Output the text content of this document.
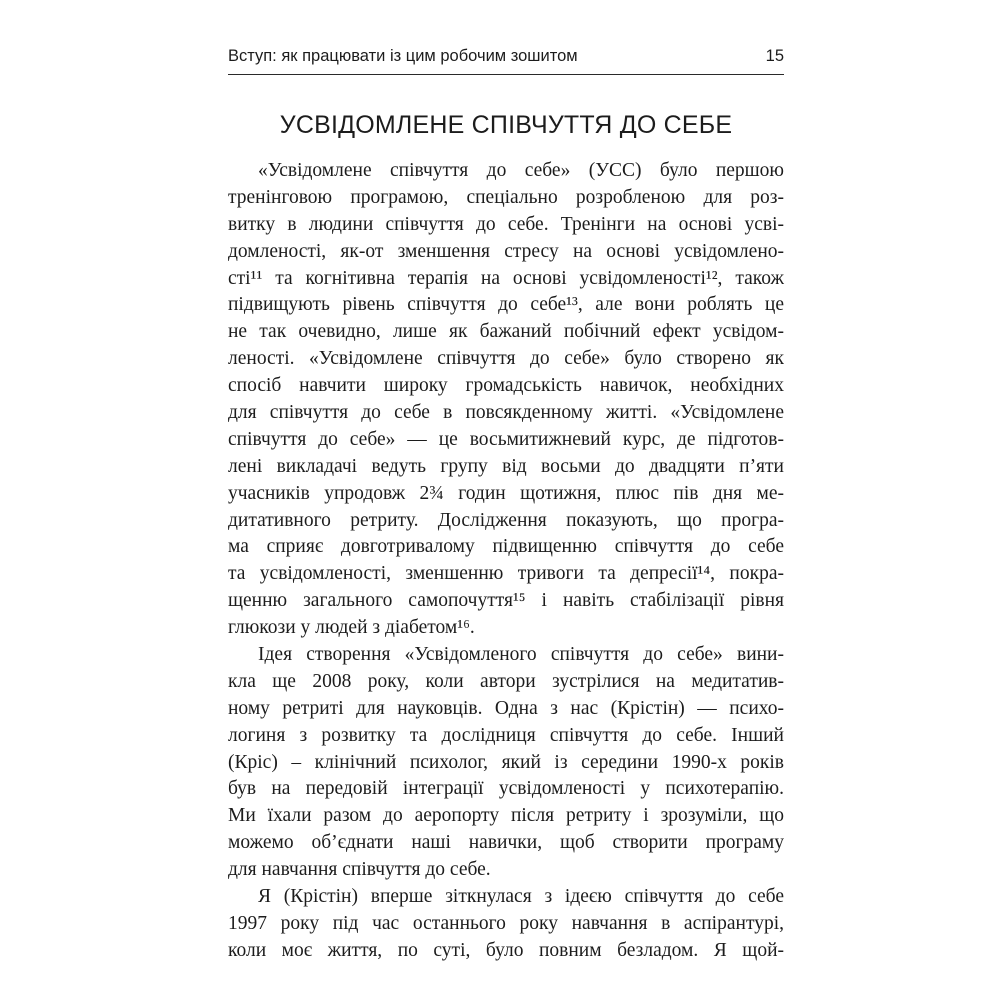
Вступ: як працювати із цим робочим зошитом	15
УСВІДОМЛЕНЕ СПІВЧУТТЯ ДО СЕБЕ
«Усвідомлене співчуття до себе» (УСС) було першою
тренінговою програмою, спеціально розробленою для роз-
витку в людини співчуття до себе. Тренінги на основі усві-
домленості, як-от зменшення стресу на основі усвідомлено-
сті¹¹ та когнітивна терапія на основі усвідомленості¹², також
підвищують рівень співчуття до себе¹³, але вони роблять це
не так очевидно, лише як бажаний побічний ефект усвідом-
леності. «Усвідомлене співчуття до себе» було створено як
спосіб навчити широку громадськість навичок, необхідних
для співчуття до себе в повсякденному житті. «Усвідомлене
співчуття до себе» — це восьмитижневий курс, де підготов-
лені викладачі ведуть групу від восьми до двадцяти п’яти
учасників упродовж 2¾ годин щотижня, плюс пів дня ме-
дитативного ретриту. Дослідження показують, що програ-
ма сприяє довготривалому підвищенню співчуття до себе
та усвідомленості, зменшенню тривоги та депресії¹⁴, покра-
щенню загального самопочуття¹⁵ і навіть стабілізації рівня
глюкози у людей з діабетом¹⁶.
Ідея створення «Усвідомленого співчуття до себе» вини-
кла ще 2008 року, коли автори зустрілися на медитатив-
ному ретриті для науковців. Одна з нас (Крістін) — психо-
логиня з розвитку та дослідниця співчуття до себе. Інший
(Кріс) – клінічний психолог, який із середини 1990-х років
був на передовій інтеграції усвідомленості у психотерапію.
Ми їхали разом до аеропорту після ретриту і зрозуміли, що
можемо об’єднати наші навички, щоб створити програму
для навчання співчуття до себе.
Я (Крістін) вперше зіткнулася з ідеєю співчуття до себе
1997 року під час останнього року навчання в аспірантурі,
коли моє життя, по суті, було повним безладом. Я щой-
